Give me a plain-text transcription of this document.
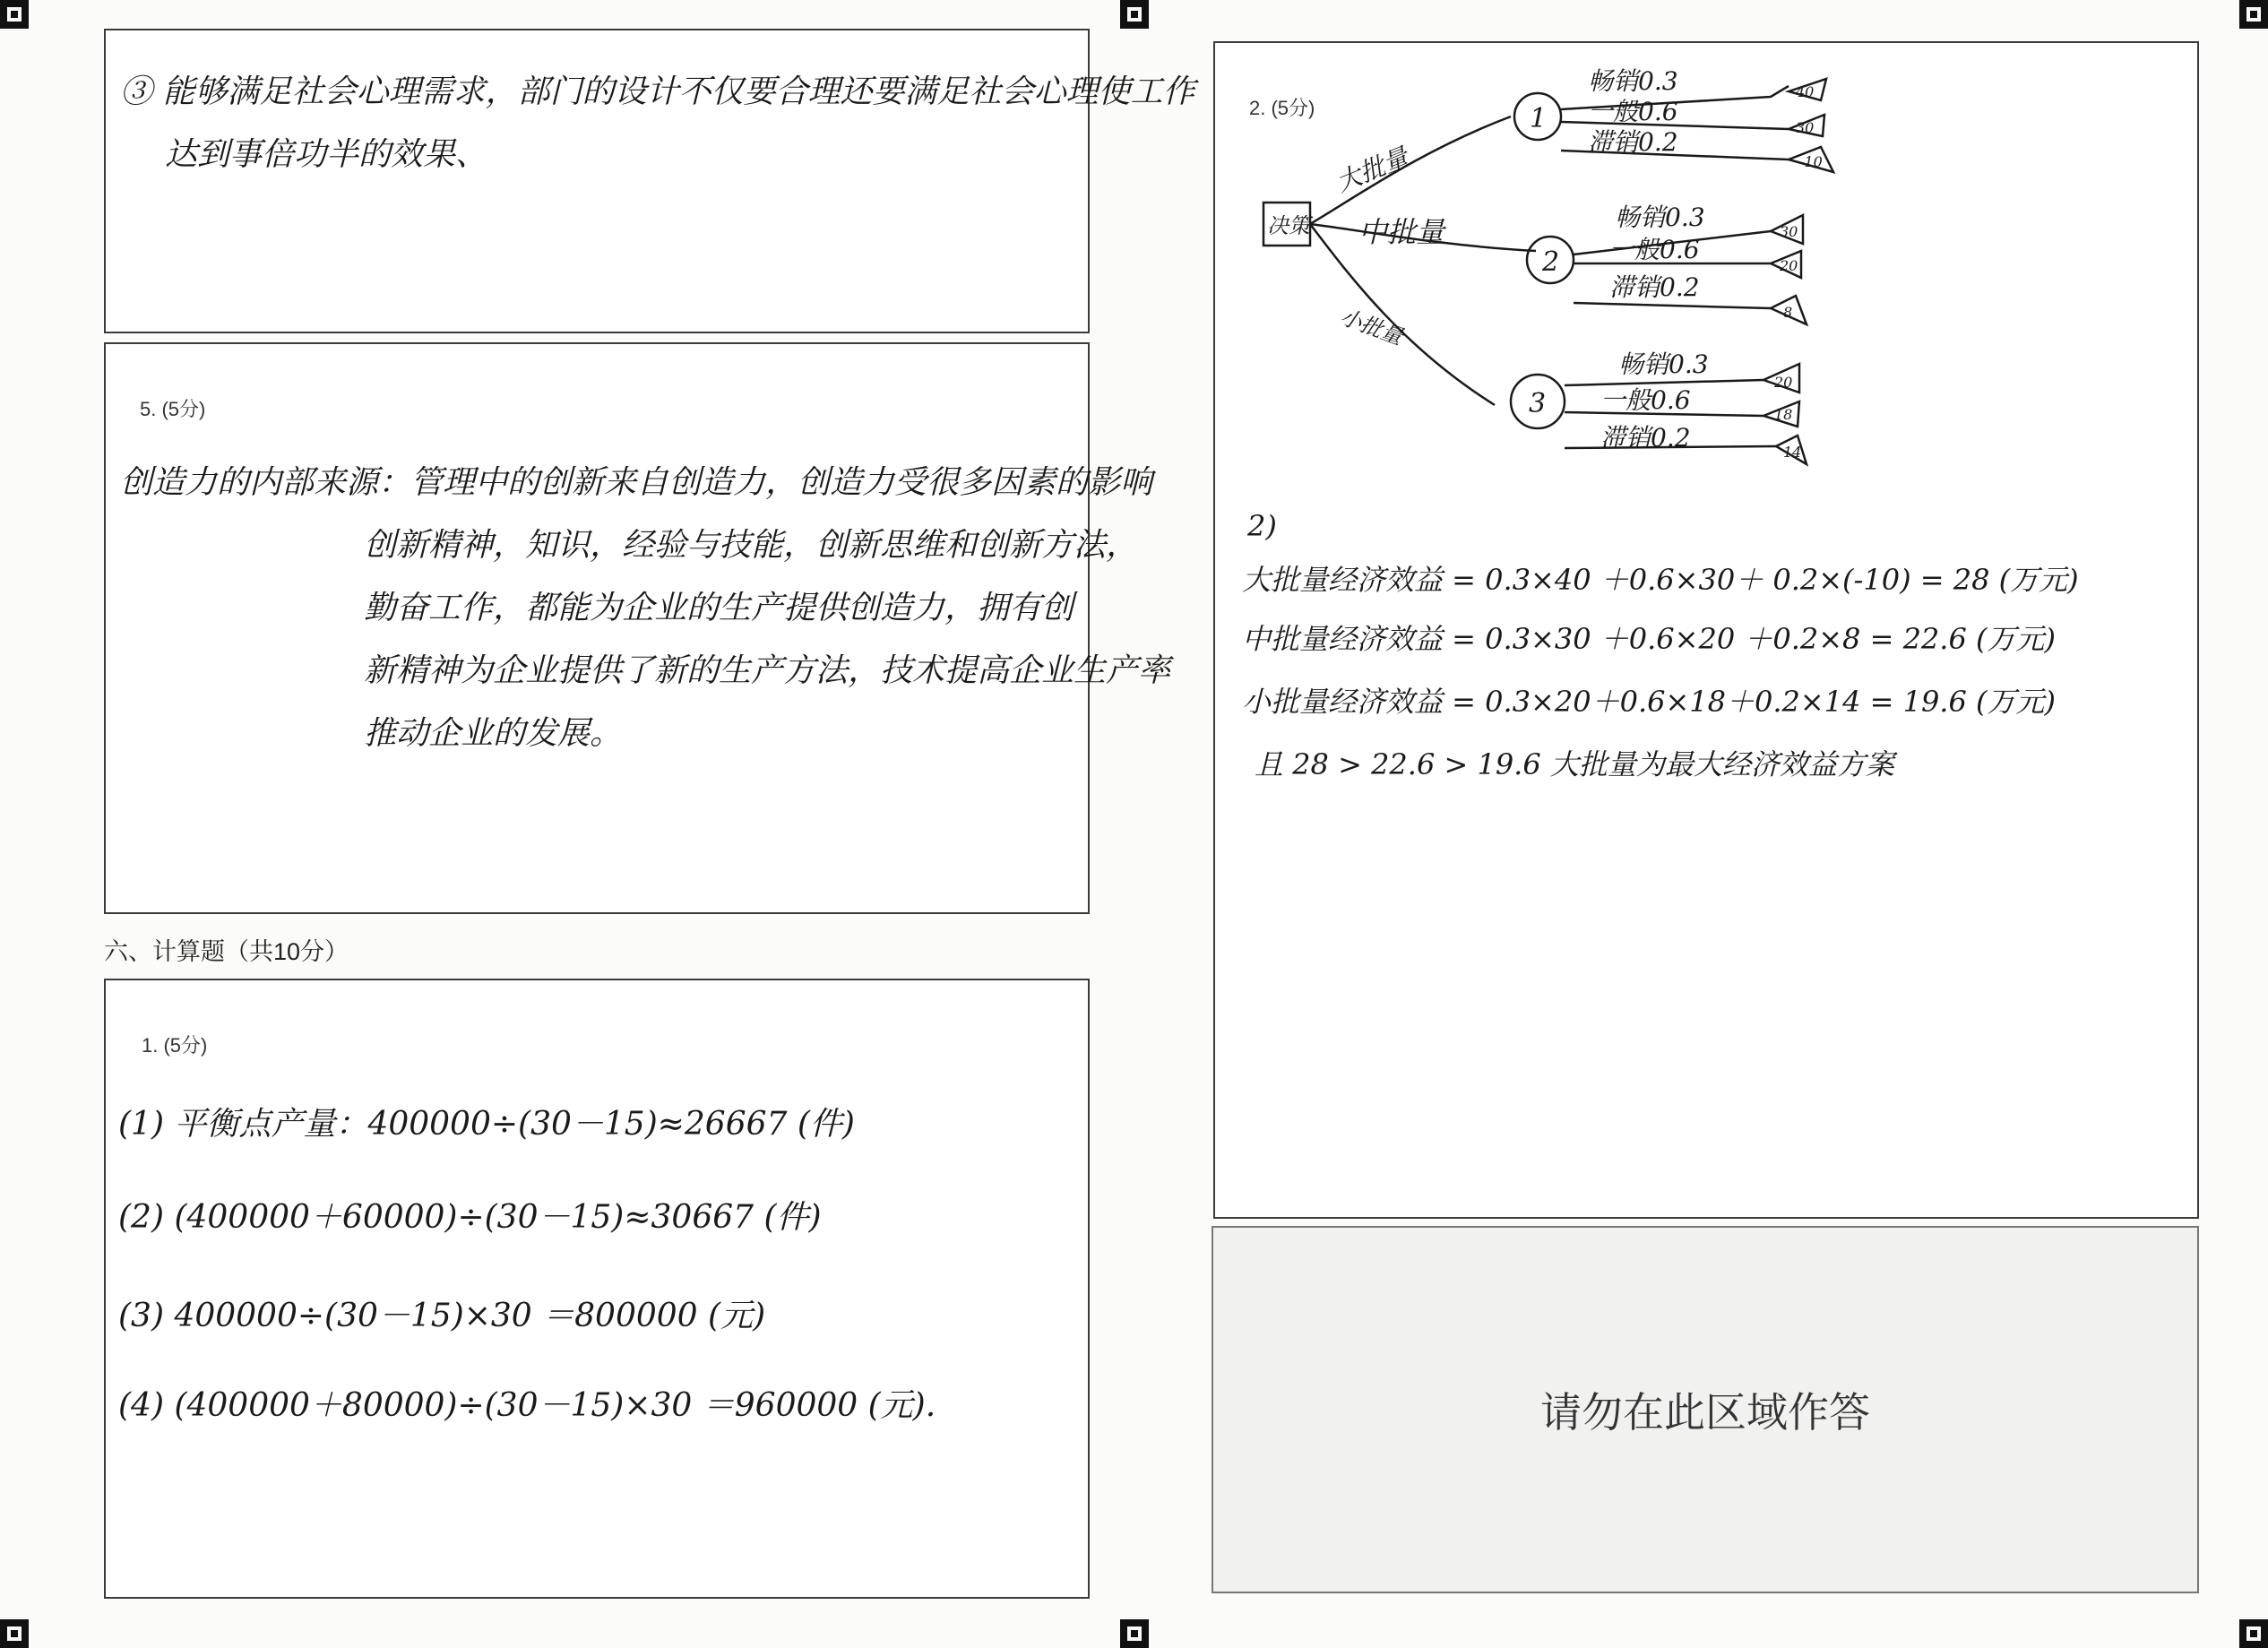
③ 能够满足社会心理需求，部门的设计不仅要合理还要满足社会心理使工作
达到事倍功半的效果、
5. (5分)
创造力的内部来源：管理中的创新来自创造力，创造力受很多因素的影响
创新精神，知识，经验与技能，创新思维和创新方法，
勤奋工作，都能为企业的生产提供创造力，拥有创
新精神为企业提供了新的生产方法，技术提高企业生产率
推动企业的发展。
六、计算题（共10分）
1. (5分)
(1) 平衡点产量：400000÷(30－15)≈26667 (件)
(2) (400000＋60000)÷(30－15)≈30667 (件)
(3) 400000÷(30－15)×30 ＝800000 (元)
(4) (400000＋80000)÷(30－15)×30 ＝960000 (元).
2. (5分)
决策
大批量
中批量
小批量
1
2
3
畅销0.3
一般0.6
滞销0.2
畅销0.3
一般0.6
滞销0.2
畅销0.3
一般0.6
滞销0.2
40
30
-10
30
20
8
20
18
14
2)
大批量经济效益 = 0.3×40 ＋0.6×30＋ 0.2×(-10) = 28 (万元)
中批量经济效益 = 0.3×30 ＋0.6×20 ＋0.2×8 = 22.6 (万元)
小批量经济效益 = 0.3×20＋0.6×18＋0.2×14 = 19.6 (万元)
且 28 > 22.6 > 19.6 大批量为最大经济效益方案
请勿在此区域作答
